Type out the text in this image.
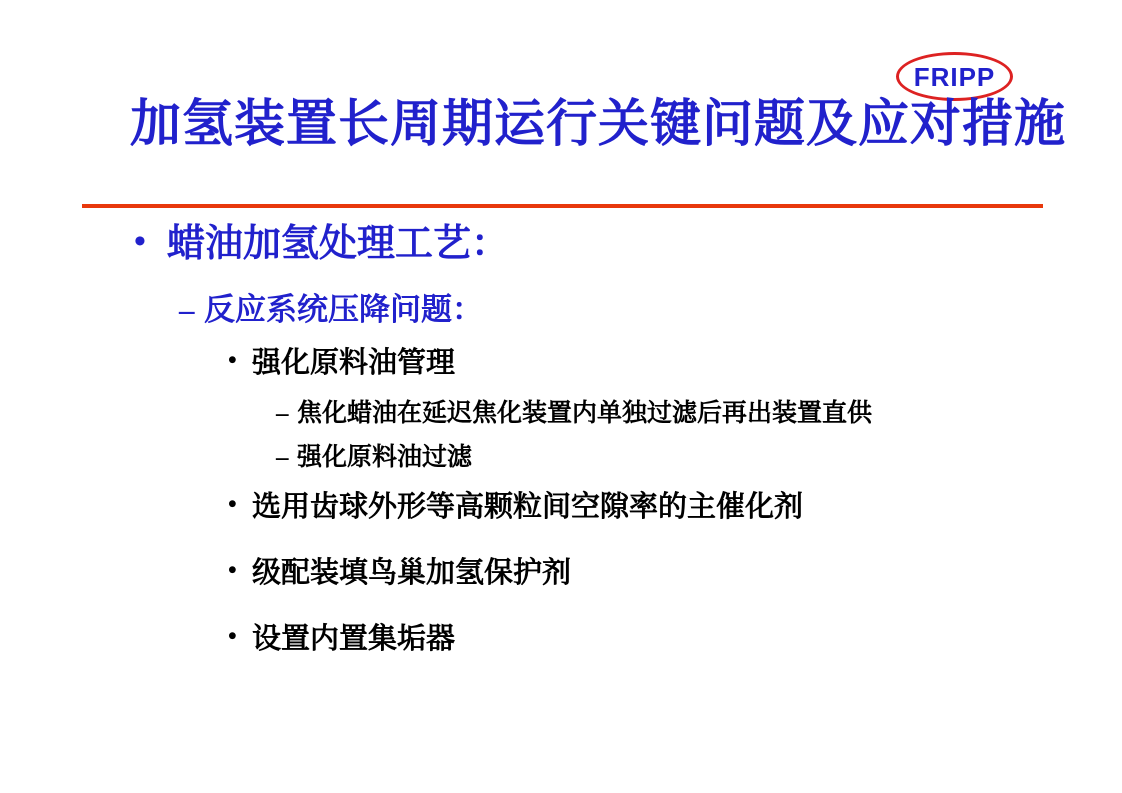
FRIPP
加氢装置长周期运行关键问题及应对措施
• 蜡油加氢处理工艺：
– 反应系统压降问题：
• 强化原料油管理
– 焦化蜡油在延迟焦化装置内单独过滤后再出装置直供
– 强化原料油过滤
• 选用齿球外形等高颗粒间空隙率的主催化剂
• 级配装填鸟巢加氢保护剂
• 设置内置集垢器
